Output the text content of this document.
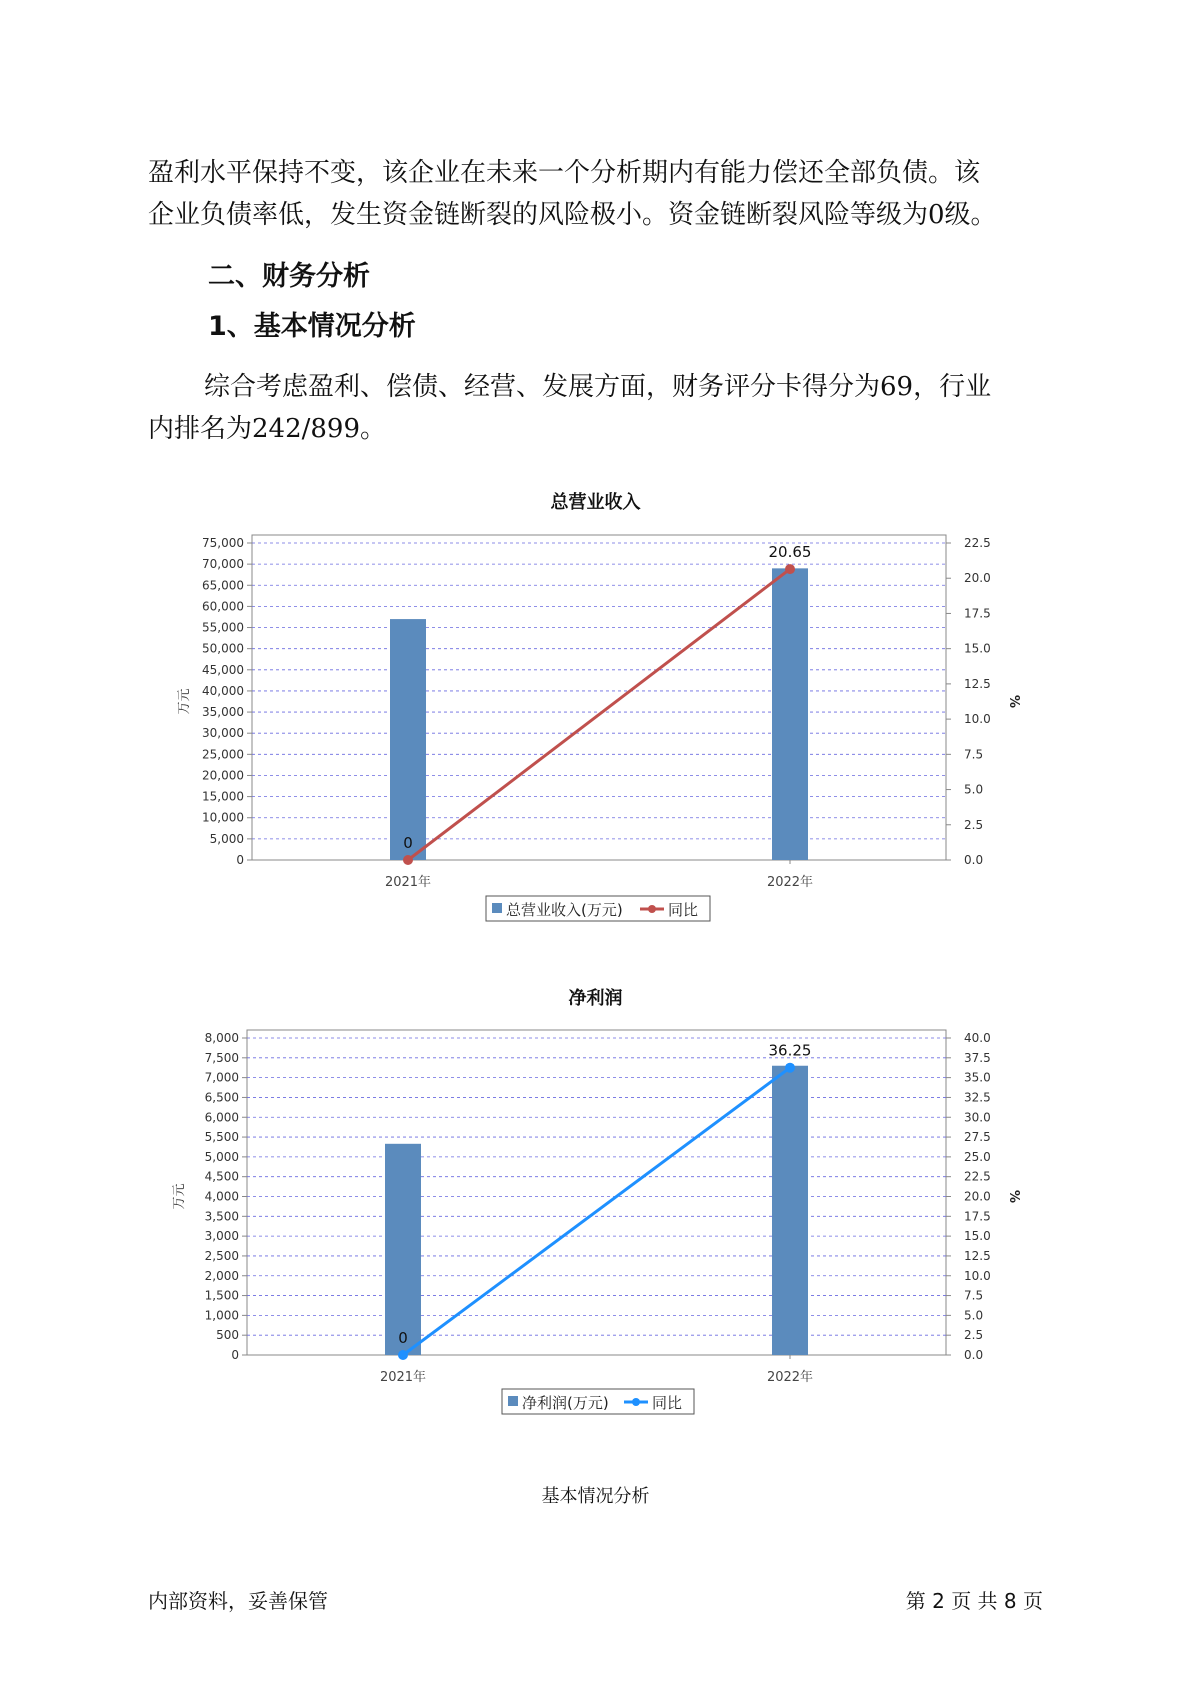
盈利水平保持不变，该企业在未来一个分析期内有能力偿还全部负债。该
企业负债率低，发生资金链断裂的风险极小。资金链断裂风险等级为0级。
二、财务分析
1、基本情况分析
综合考虑盈利、偿债、经营、发展方面，财务评分卡得分为69，行业
内排名为242/899。
总营业收入
0
5,000
10,000
15,000
20,000
25,000
30,000
35,000
40,000
45,000
50,000
55,000
60,000
65,000
70,000
75,000
0.0
2.5
5.0
7.5
10.0
12.5
15.0
17.5
20.0
22.5
万元	%
2021年	2022年
0
20.65
总营业收入(万元)	同比
净利润
0
500
1,000
1,500
2,000
2,500
3,000
3,500
4,000
4,500
5,000
5,500
6,000
6,500
7,000
7,500
8,000
0.0
2.5
5.0
7.5
10.0
12.5
15.0
17.5
20.0
22.5
25.0
27.5
30.0
32.5
35.0
37.5
40.0
万元	%
2021年	2022年
0
36.25
净利润(万元)	同比
基本情况分析
内部资料，妥善保管	第 2 页 共 8 页
